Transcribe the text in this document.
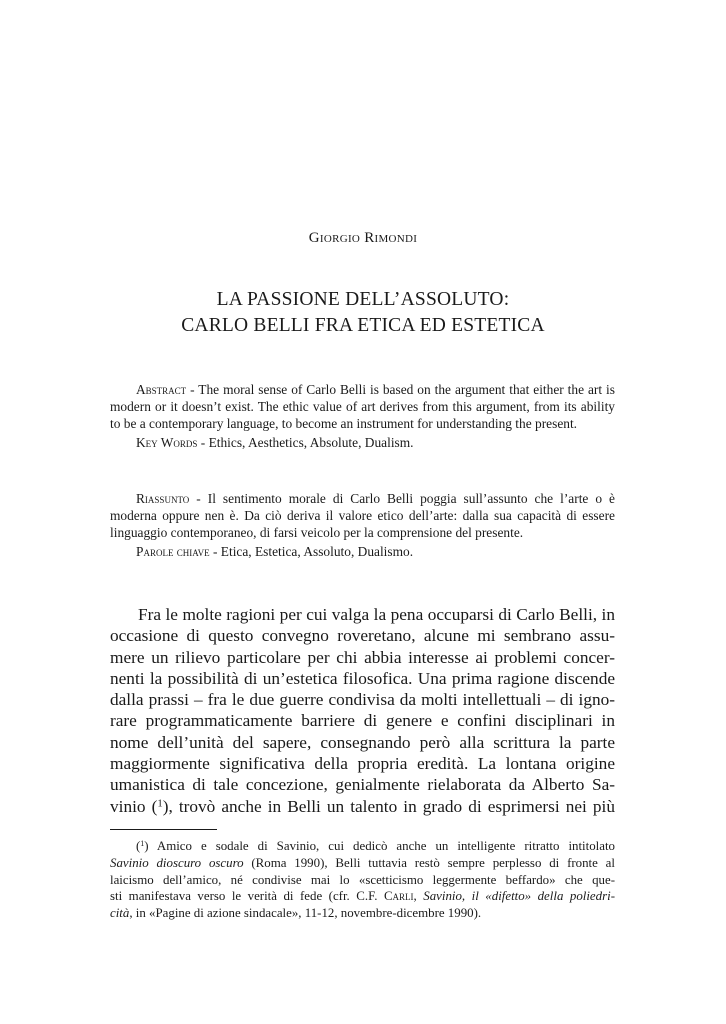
Giorgio Rimondi
LA PASSIONE DELL’ASSOLUTO:
CARLO BELLI FRA ETICA ED ESTETICA

Abstract - The moral sense of Carlo Belli is based on the argument that either the art is modern or it doesn’t exist. The ethic value of art derives from this argument, from its ability to be a contemporary language, to become an instrument for understanding the present.

Key Words - Ethics, Aesthetics, Absolute, Dualism.

Riassunto - Il sentimento morale di Carlo Belli poggia sull’assunto che l’arte o è moderna oppure nen è. Da ciò deriva il valore etico dell’arte: dalla sua capacità di essere linguaggio contemporaneo, di farsi veicolo per la comprensione del presente.

Parole chiave - Etica, Estetica, Assoluto, Dualismo.

Fra le molte ragioni per cui valga la pena occuparsi di Carlo Belli, in
occasione di questo convegno roveretano, alcune mi sembrano assu-
mere un rilievo particolare per chi abbia interesse ai problemi concer-
nenti la possibilità di un’estetica filosofica. Una prima ragione discende
dalla prassi – fra le due guerre condivisa da molti intellettuali – di igno-
rare programmaticamente barriere di genere e confini disciplinari in
nome dell’unità del sapere, consegnando però alla scrittura la parte
maggiormente significativa della propria eredità. La lontana origine
umanistica di tale concezione, genialmente rielaborata da Alberto Sa-
vinio ($^1$), trovò anche in Belli un talento in grado di esprimersi nei più
($^1$) Amico e sodale di Savinio, cui dedicò anche un intelligente ritratto intitolato
Savinio dioscuro oscuro (Roma 1990), Belli tuttavia restò sempre perplesso di fronte al
laicismo dell’amico, né condivise mai lo «scetticismo leggermente beffardo» che que-
sti manifestava verso le verità di fede (cfr. C.F. Carli, Savinio, il «difetto» della poliedri-
cità, in «Pagine di azione sindacale», 11-12, novembre-dicembre 1990).
